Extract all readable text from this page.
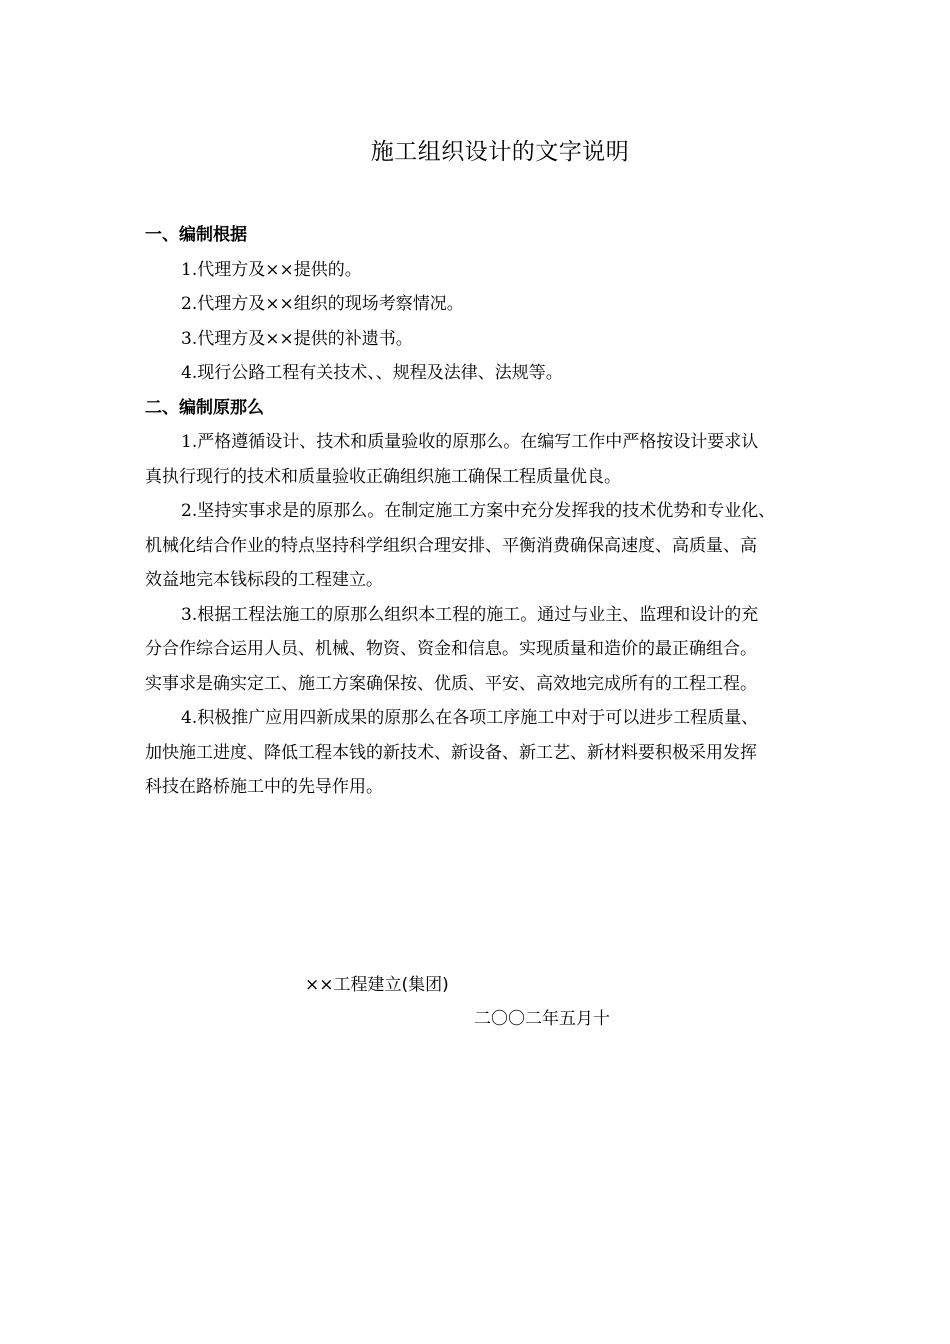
施工组织设计的文字说明
一、编制根据
1.代理方及××提供的。
2.代理方及××组织的现场考察情况。
3.代理方及××提供的补遗书。
4.现行公路工程有关技术、、规程及法律、法规等。
二、编制原那么
1.严格遵循设计、技术和质量验收的原那么。在编写工作中严格按设计要求认
真执行现行的技术和质量验收正确组织施工确保工程质量优良。
2.坚持实事求是的原那么。在制定施工方案中充分发挥我的技术优势和专业化、
机械化结合作业的特点坚持科学组织合理安排、平衡消费确保高速度、高质量、高
效益地完本钱标段的工程建立。
3.根据工程法施工的原那么组织本工程的施工。通过与业主、监理和设计的充
分合作综合运用人员、机械、物资、资金和信息。实现质量和造价的最正确组合。
实事求是确实定工、施工方案确保按、优质、平安、高效地完成所有的工程工程。
4.积极推广应用四新成果的原那么在各项工序施工中对于可以进步工程质量、
加快施工进度、降低工程本钱的新技术、新设备、新工艺、新材料要积极采用发挥
科技在路桥施工中的先导作用。
××工程建立(集团)
二〇〇二年五月十
